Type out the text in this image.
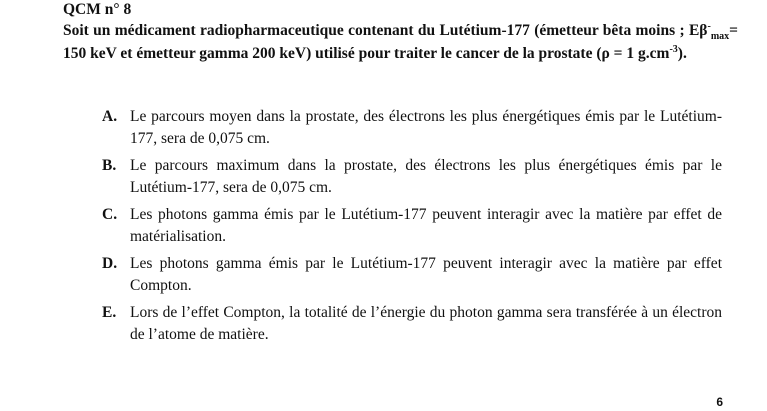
QCM n° 8
Soit un médicament radiopharmaceutique contenant du Lutétium-177 (émetteur bêta moins ; $E\beta^-_{max}= 150$ keV et émetteur gamma 200 keV) utilisé pour traiter le cancer de la prostate (ρ = 1 $g.cm^{-3}$).
A. Le parcours moyen dans la prostate, des électrons les plus énergétiques émis par le Lutétium-177, sera de 0,075 cm.
B. Le parcours maximum dans la prostate, des électrons les plus énergétiques émis par le Lutétium-177, sera de 0,075 cm.
C. Les photons gamma émis par le Lutétium-177 peuvent interagir avec la matière par effet de matérialisation.
D. Les photons gamma émis par le Lutétium-177 peuvent interagir avec la matière par effet Compton.
E. Lors de l’effet Compton, la totalité de l’énergie du photon gamma sera transférée à un électron de l’atome de matière.
6
